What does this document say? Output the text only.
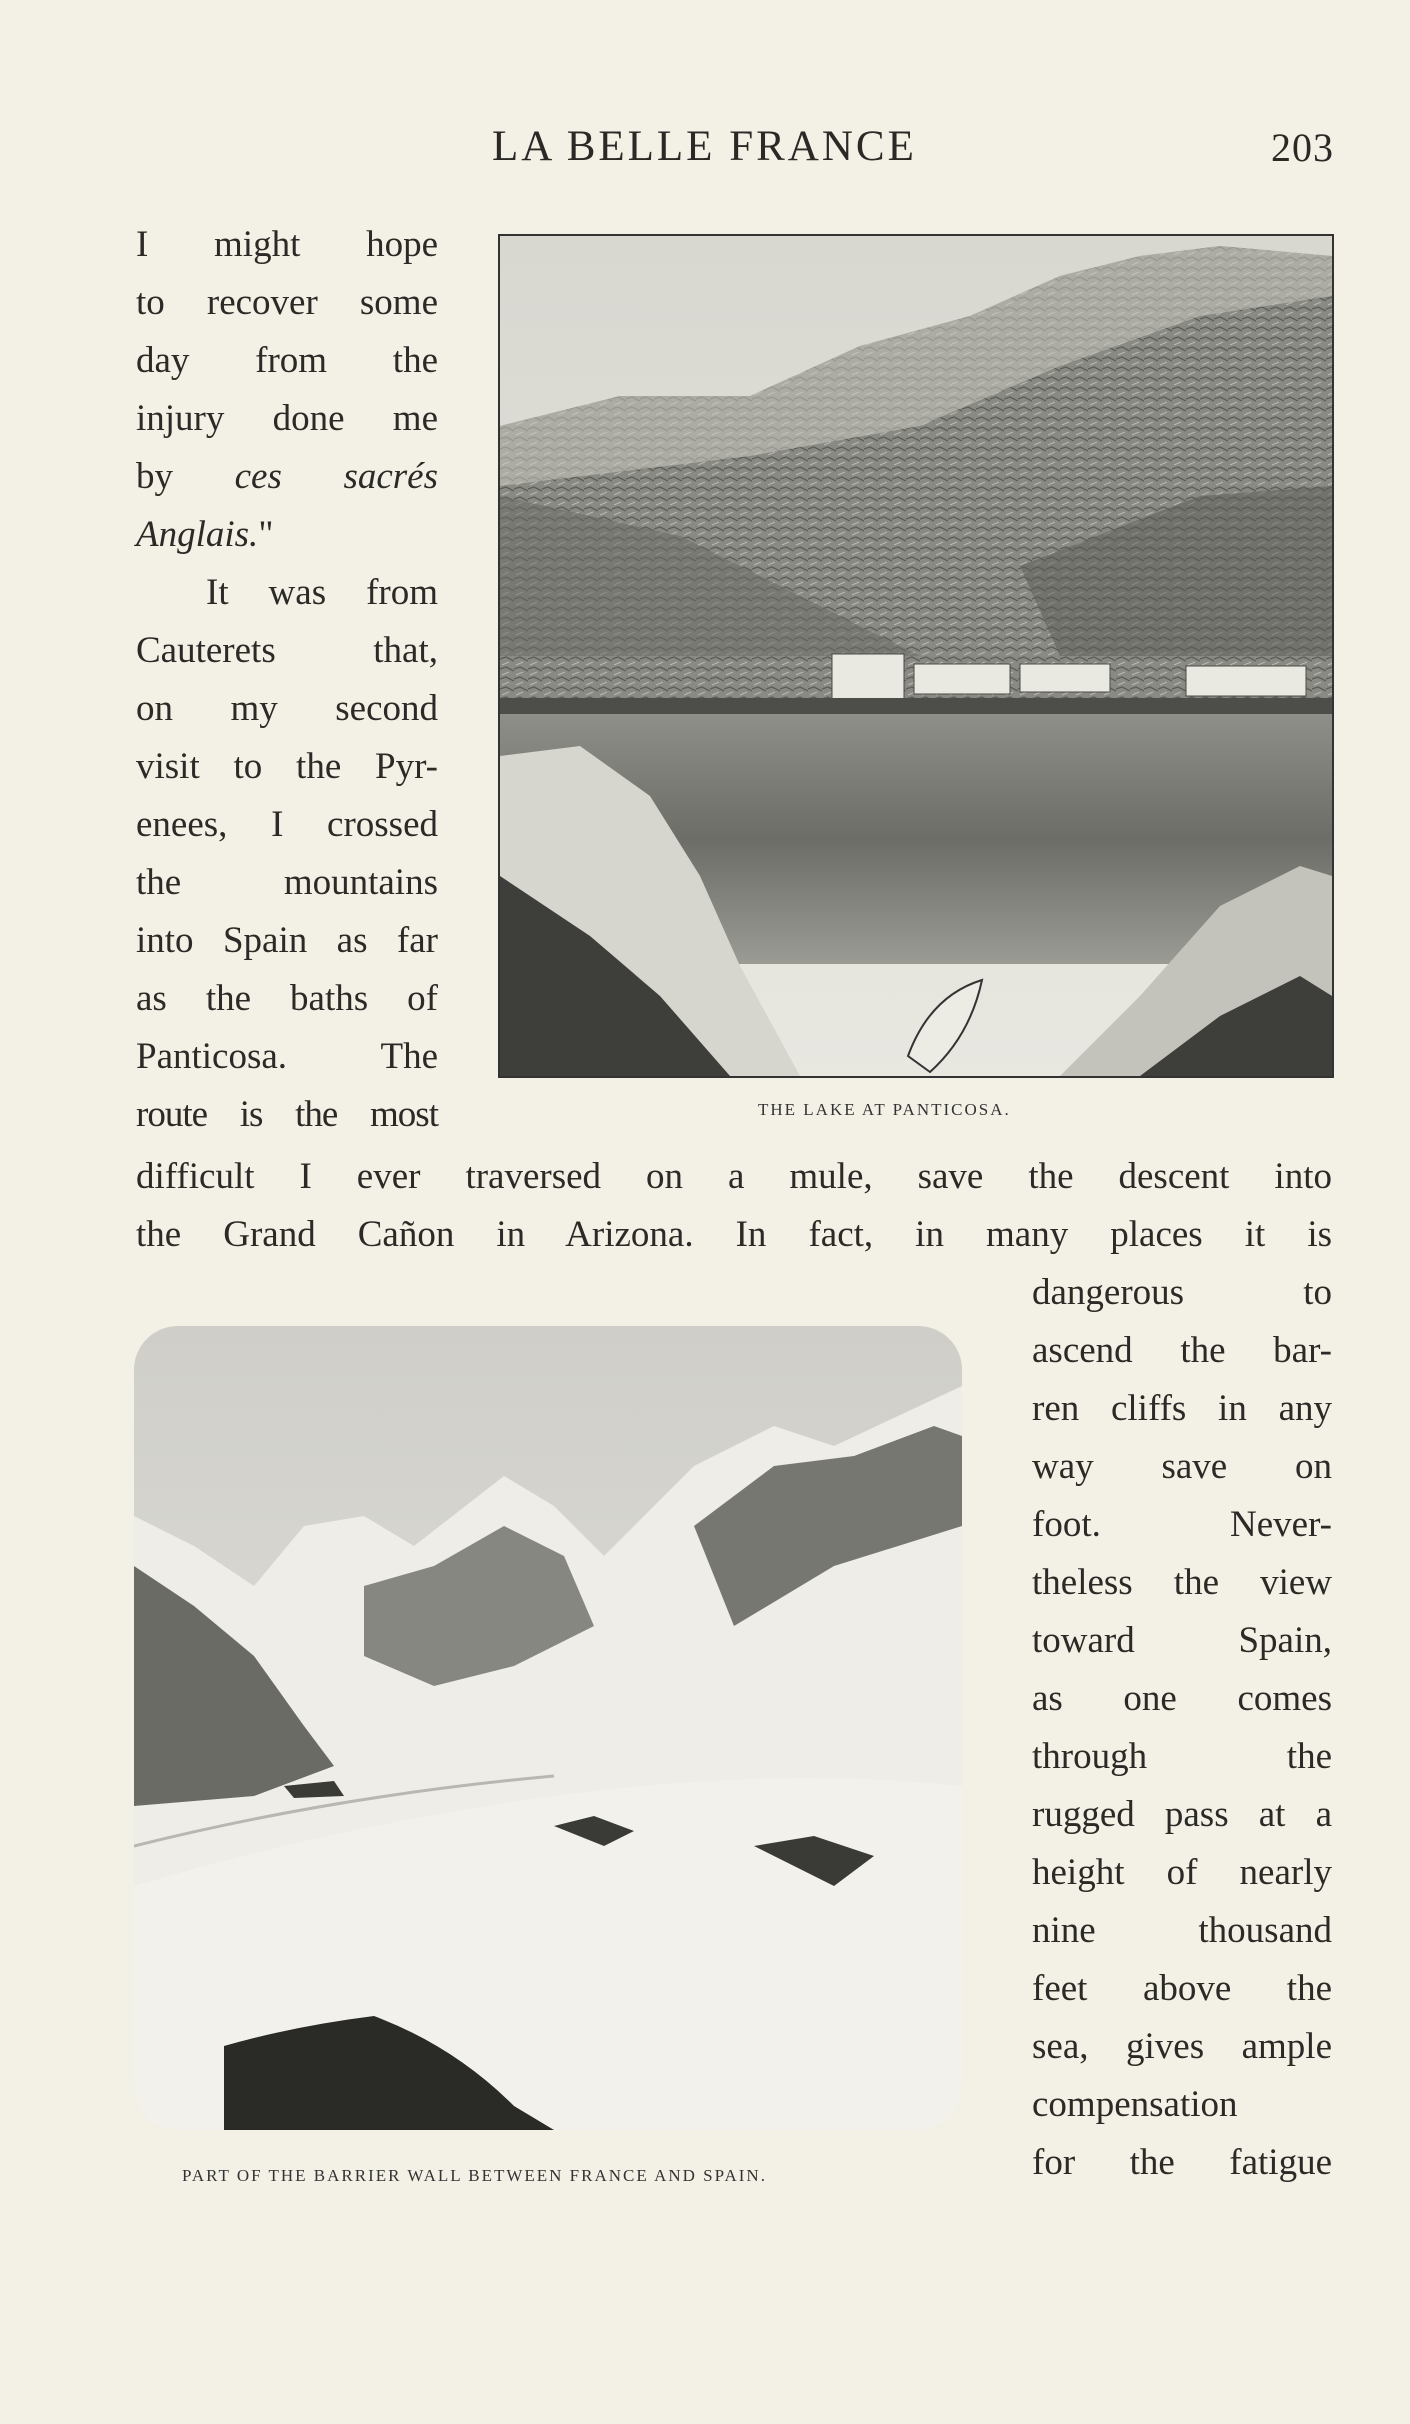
LA BELLE FRANCE	203
I might hope
to recover some
day from the
injury done me
by ces sacrés
Anglais."
It was from
Cauterets that,
on my second
visit to the Pyr-
enees, I crossed
the mountains
into Spain as far
as the baths of
Panticosa. The
route is the most	THE LAKE AT PANTICOSA.
difficult I ever traversed on a mule, save the descent into
the Grand Cañon in Arizona. In fact, in many places it is
PART OF THE BARRIER WALL BETWEEN FRANCE AND SPAIN.
dangerous to
ascend the bar-
ren cliffs in any
way save on
foot. Never-
theless the view
toward Spain,
as one comes
through the
rugged pass at a
height of nearly
nine thousand
feet above the
sea, gives ample
compensation
for the fatigue
